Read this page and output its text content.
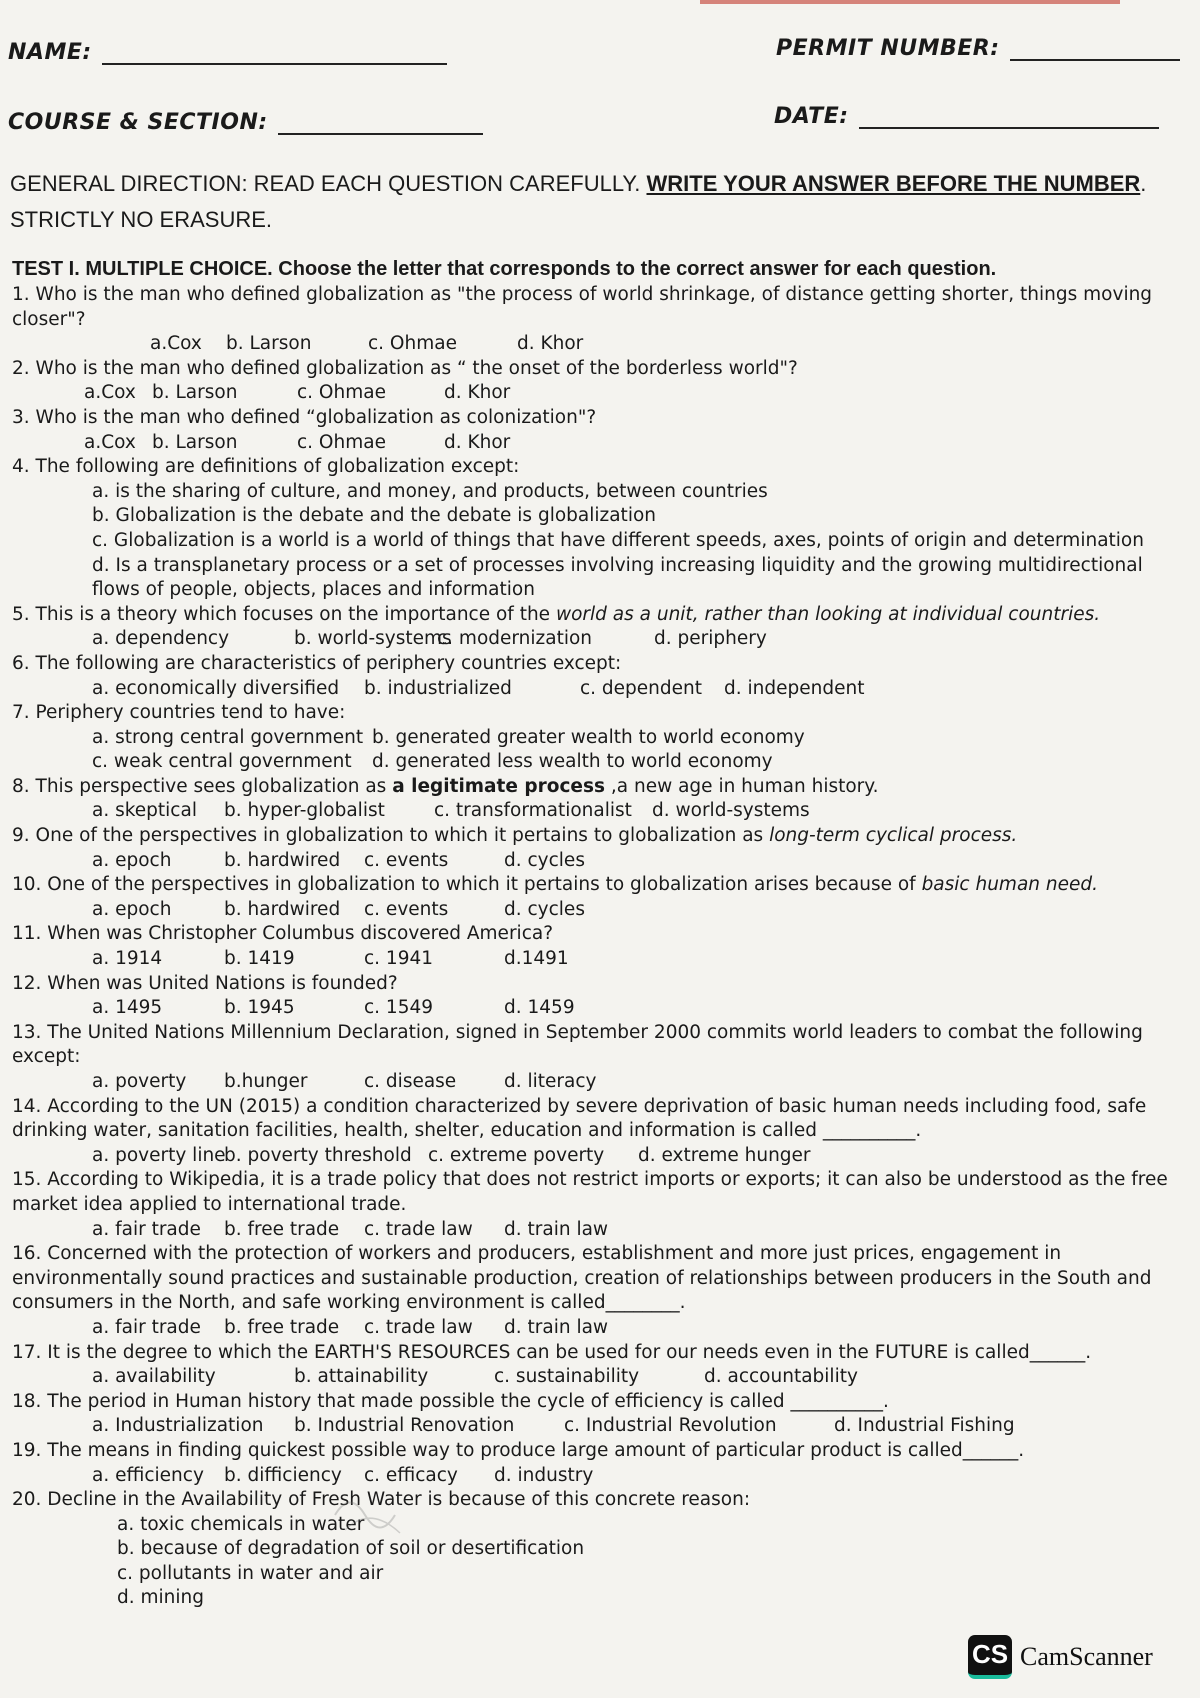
NAME:	PERMIT NUMBER:
COURSE & SECTION:	DATE:
GENERAL DIRECTION: READ EACH QUESTION CAREFULLY. WRITE YOUR ANSWER BEFORE THE NUMBER. STRICTLY NO ERASURE.
TEST I. MULTIPLE CHOICE. Choose the letter that corresponds to the correct answer for each question.
1. Who is the man who defined globalization as "the process of world shrinkage, of distance getting shorter, things moving closer"?
a.Cox b. Larson	c. Ohmae	d. Khor
2. Who is the man who defined globalization as “ the onset of the borderless world"?
a.Cox b. Larson	c. Ohmae	d. Khor
3. Who is the man who defined “globalization as colonization"?
a.Cox b. Larson	c. Ohmae	d. Khor
4. The following are definitions of globalization except:
a. is the sharing of culture, and money, and products, between countries
b. Globalization is the debate and the debate is globalization
c. Globalization is a world is a world of things that have different speeds, axes, points of origin and determination
d. Is a transplanetary process or a set of processes involving increasing liquidity and the growing multidirectional
flows of people, objects, places and information
5. This is a theory which focuses on the importance of the world as a unit, rather than looking at individual countries.
a. dependency	b. world-systems
c. modernization	d. periphery
6. The following are characteristics of periphery countries except:
a. economically diversified b. industrialized	c. dependent d. independent
7. Periphery countries tend to have:
a. strong central government b. generated greater wealth to world economy
c. weak central government d. generated less wealth to world economy
8. This perspective sees globalization as a legitimate process ,a new age in human history.
a. skeptical b. hyper-globalist	c. transformationalist d. world-systems
9. One of the perspectives in globalization to which it pertains to globalization as long-term cyclical process.
a. epoch	b. hardwired c. events	d. cycles
10. One of the perspectives in globalization to which it pertains to globalization arises because of basic human need.
a. epoch	b. hardwired c. events	d. cycles
11. When was Christopher Columbus discovered America?
a. 1914	b. 1419	c. 1941	d.1491
12. When was United Nations is founded?
a. 1495	b. 1945	c. 1549	d. 1459
13. The United Nations Millennium Declaration, signed in September 2000 commits world leaders to combat the following except:
a. poverty b.hunger	c. disease	d. literacy
14. According to the UN (2015) a condition characterized by severe deprivation of basic human needs including food, safe drinking water, sanitation facilities, health, shelter, education and information is called __________.
a. poverty line
b. poverty threshold c. extreme poverty d. extreme hunger
15. According to Wikipedia, it is a trade policy that does not restrict imports or exports; it can also be understood as the free market idea applied to international trade.
a. fair trade b. free trade c. trade law d. train law
16. Concerned with the protection of workers and producers, establishment and more just prices, engagement in environmentally sound practices and sustainable production, creation of relationships between producers in the South and consumers in the North, and safe working environment is called________.
a. fair trade b. free trade c. trade law d. train law
17. It is the degree to which the EARTH'S RESOURCES can be used for our needs even in the FUTURE is called______.
a. availability	b. attainability	c. sustainability	d. accountability
18. The period in Human history that made possible the cycle of efficiency is called __________.
a. Industrialization b. Industrial Renovation	c. Industrial Revolution	d. Industrial Fishing
19. The means in finding quickest possible way to produce large amount of particular product is called______.
a. efficiency b. difficiency c. efficacy d. industry
20. Decline in the Availability of Fresh Water is because of this concrete reason:
a. toxic chemicals in water
b. because of degradation of soil or desertification
c. pollutants in water and air
d. mining
CS CamScanner
